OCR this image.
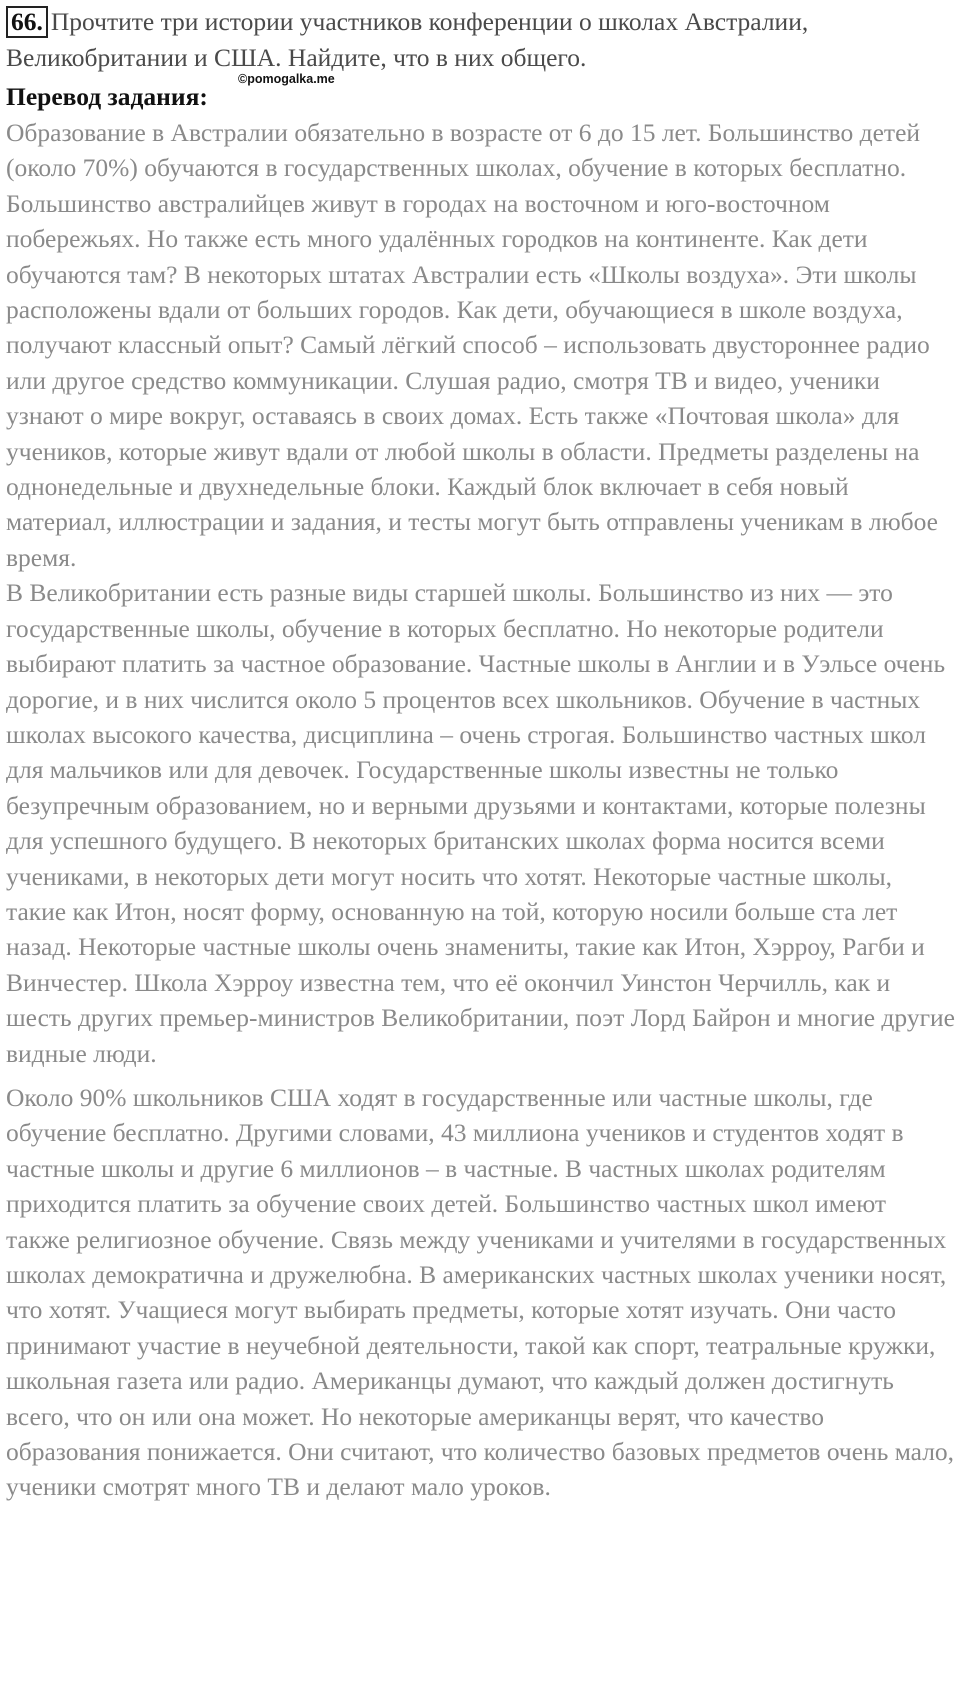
66. Прочтите три истории участников конференции о школах Австралии, Великобритании и США. Найдите, что в них общего.
Перевод задания:

Образование в Австралии обязательно в возрасте от 6 до 15 лет. Большинство детей (около 70%) обучаются в государственных школах, обучение в которых бесплатно. Большинство австралийцев живут в городах на восточном и юго-восточном побережьях. Но также есть много удалённых городков на континенте. Как дети обучаются там? В некоторых штатах Австралии есть «Школы воздуха». Эти школы расположены вдали от больших городов. Как дети, обучающиеся в школе воздуха, получают классный опыт? Самый лёгкий способ – использовать двустороннее радио или другое средство коммуникации. Слушая радио, смотря ТВ и видео, ученики узнают о мире вокруг, оставаясь в своих домах. Есть также «Почтовая школа» для учеников, которые живут вдали от любой школы в области. Предметы разделены на однонедельные и двухнедельные блоки. Каждый блок включает в себя новый материал, иллюстрации и задания, и тесты могут быть отправлены ученикам в любое время.

В Великобритании есть разные виды старшей школы. Большинство из них — это государственные школы, обучение в которых бесплатно. Но некоторые родители выбирают платить за частное образование. Частные школы в Англии и в Уэльсе очень дорогие, и в них числится около 5 процентов всех школьников. Обучение в частных школах высокого качества, дисциплина – очень строгая. Большинство частных школ для мальчиков или для девочек. Государственные школы известны не только безупречным образованием, но и верными друзьями и контактами, которые полезны для успешного будущего. В некоторых британских школах форма носится всеми учениками, в некоторых дети могут носить что хотят. Некоторые частные школы, такие как Итон, носят форму, основанную на той, которую носили больше ста лет назад. Некоторые частные школы очень знамениты, такие как Итон, Хэрроу, Рагби и Винчестер. Школа Хэрроу известна тем, что её окончил Уинстон Черчилль, как и шесть других премьер-министров Великобритании, поэт Лорд Байрон и многие другие видные люди.

Около 90% школьников США ходят в государственные или частные школы, где обучение бесплатно. Другими словами, 43 миллиона учеников и студентов ходят в частные школы и другие 6 миллионов – в частные. В частных школах родителям приходится платить за обучение своих детей. Большинство частных школ имеют также религиозное обучение. Связь между учениками и учителями в государственных школах демократична и дружелюбна. В американских частных школах ученики носят, что хотят. Учащиеся могут выбирать предметы, которые хотят изучать. Они часто принимают участие в неучебной деятельности, такой как спорт, театральные кружки, школьная газета или радио. Американцы думают, что каждый должен достигнуть всего, что он или она может. Но некоторые американцы верят, что качество образования понижается. Они считают, что количество базовых предметов очень мало, ученики смотрят много ТВ и делают мало уроков.

©pomogalka.me
